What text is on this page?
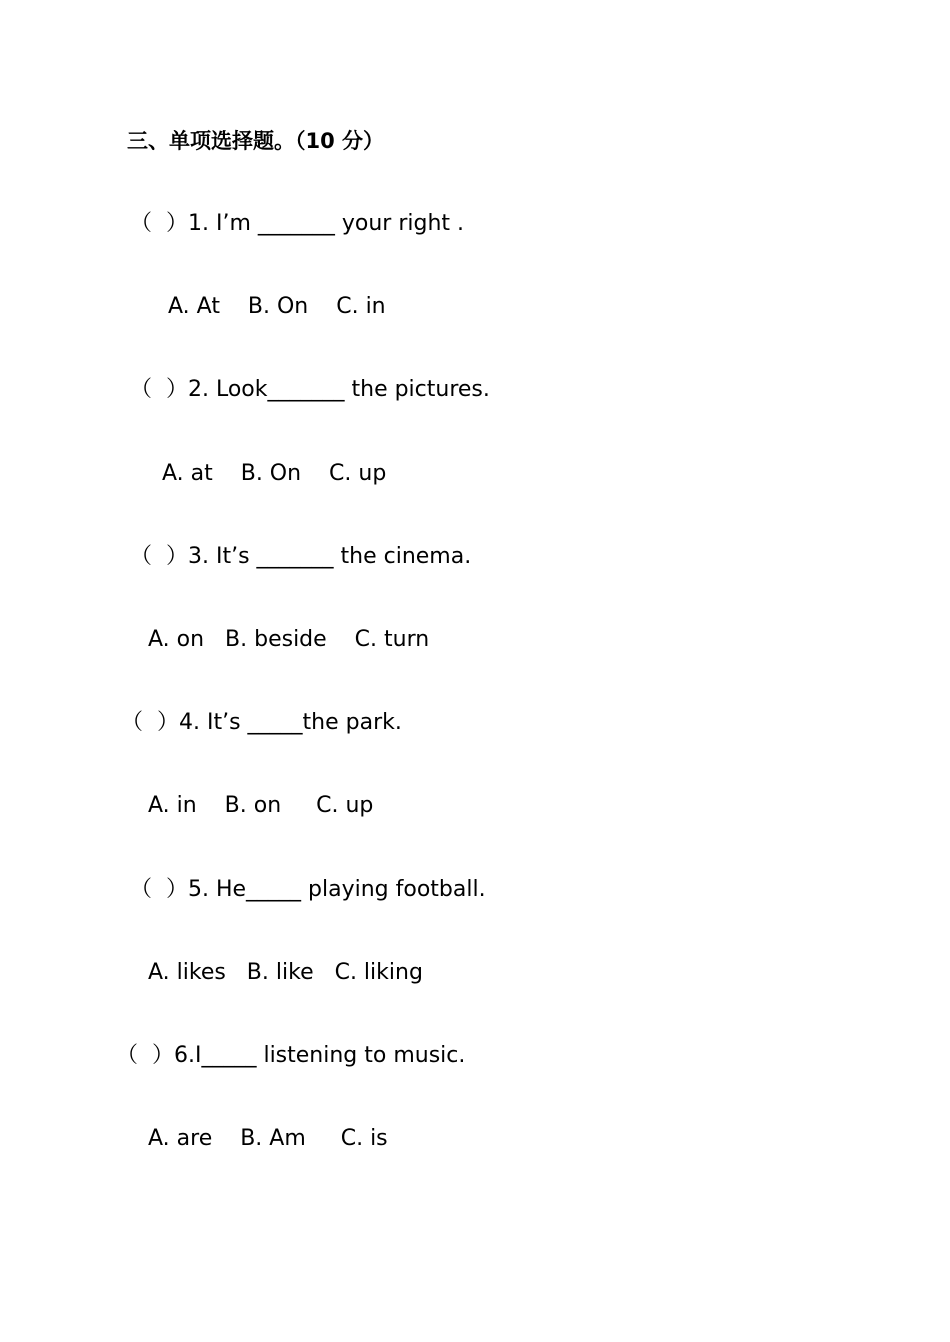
三、单项选择题。（10 分）
（  ）1. I’m _______ your right .
A. At    B. On    C. in
（  ）2. Look_______ the pictures.
A. at    B. On    C. up
（  ）3. It’s _______ the cinema.
A. on   B. beside    C. turn
（  ）4. It’s _____the park.
A. in    B. on     C. up
（  ）5. He_____ playing football.
A. likes   B. like   C. liking
（  ）6.I_____ listening to music.
A. are    B. Am     C. is
